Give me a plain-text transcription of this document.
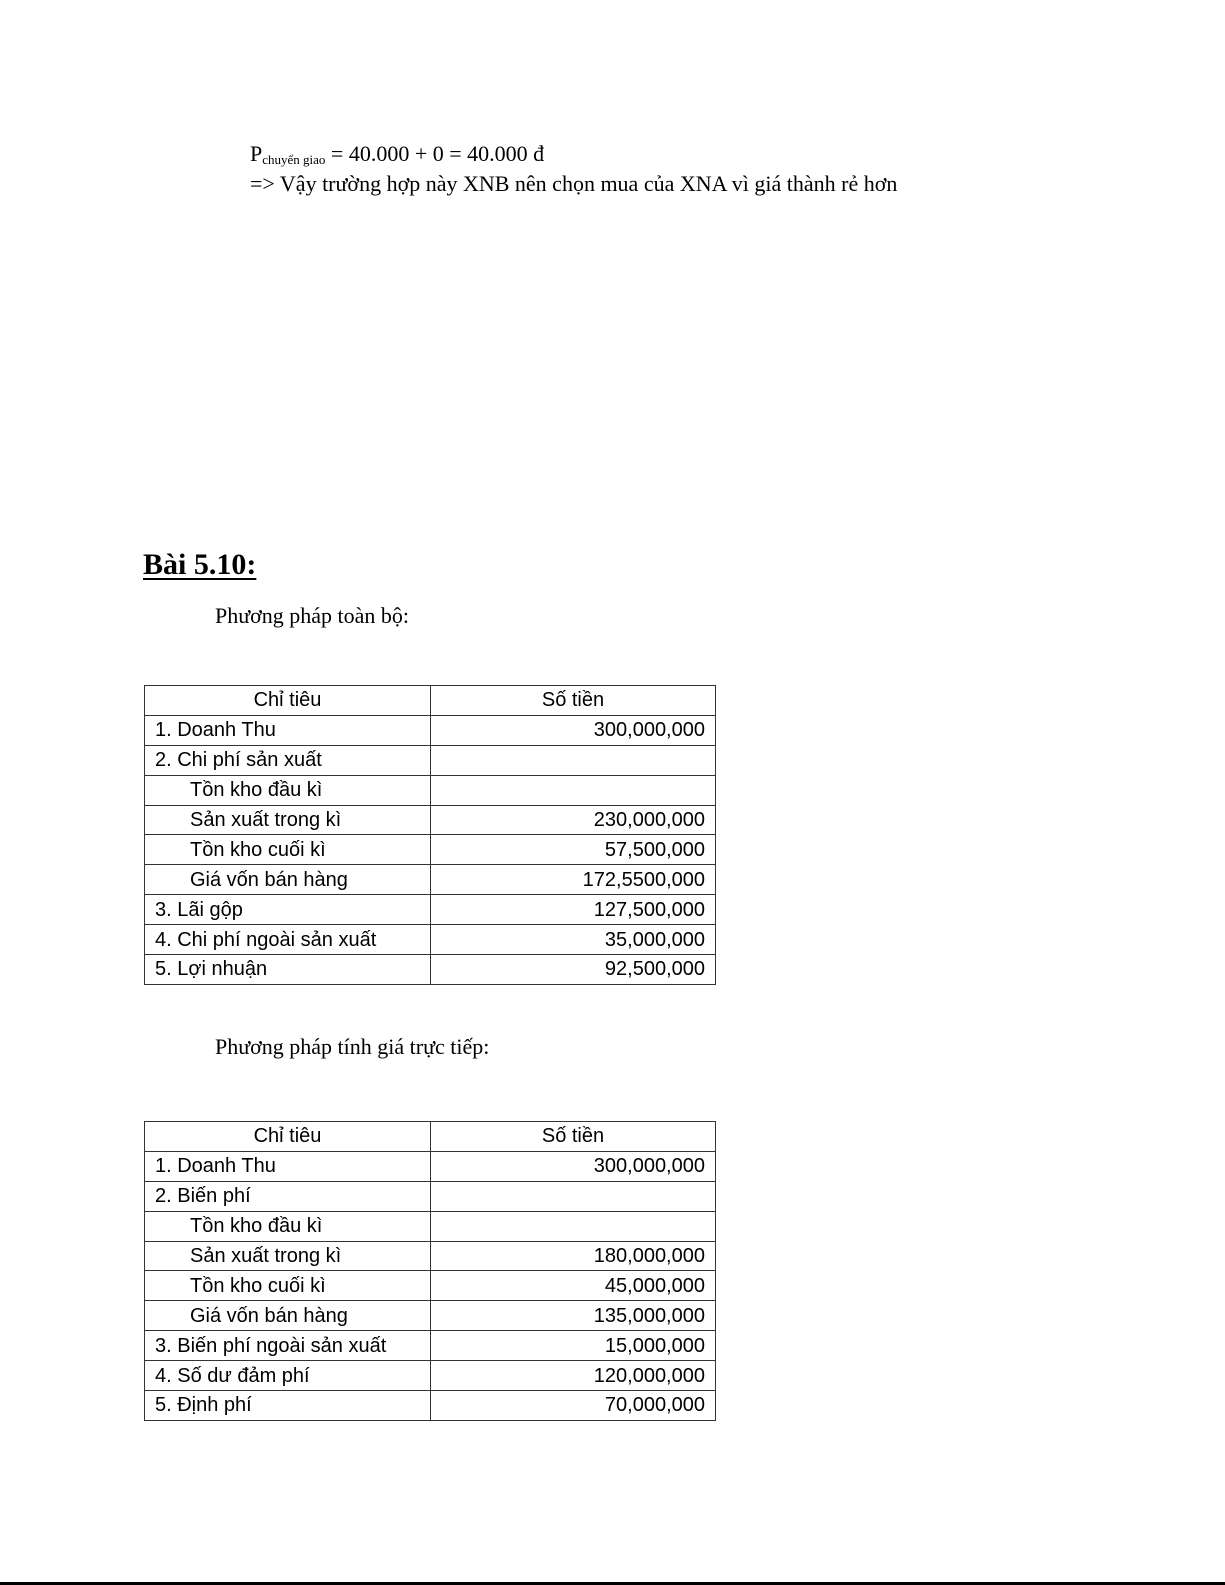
$P_{chuyển giao} = 40.000 + 0 = 40.000$ đ
=> Vậy trường hợp này XNB nên chọn mua của XNA vì giá thành rẻ hơn
Bài 5.10:
Phương pháp toàn bộ:
Chỉ tiêu	Số tiền
1. Doanh Thu	300,000,000
2. Chi phí sản xuất	
Tồn kho đầu kì	
Sản xuất trong kì	230,000,000
Tồn kho cuối kì	57,500,000
Giá vốn bán hàng	172,5500,000
3. Lãi gộp	127,500,000
4. Chi phí ngoài sản xuất	35,000,000
5. Lợi nhuận	92,500,000
Phương pháp tính giá trực tiếp:
Chỉ tiêu	Số tiền
1. Doanh Thu	300,000,000
2. Biến phí	
Tồn kho đầu kì	
Sản xuất trong kì	180,000,000
Tồn kho cuối kì	45,000,000
Giá vốn bán hàng	135,000,000
3. Biến phí ngoài sản xuất	15,000,000
4. Số dư đảm phí	120,000,000
5. Định phí	70,000,000
